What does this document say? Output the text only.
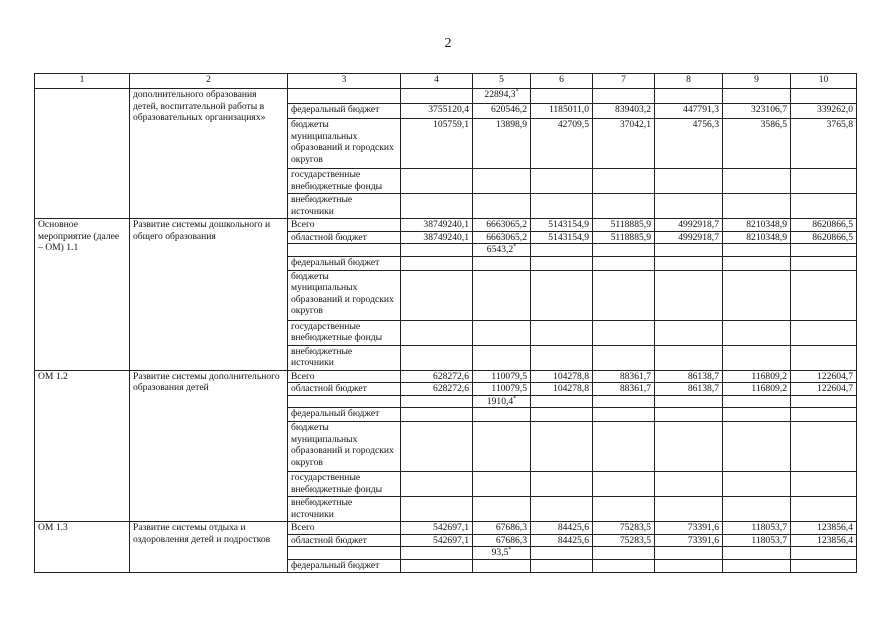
2
1	2	3	4	5	6	7	8	9	10
	дополнительного образования детей, воспитательной работы в образовательных организациях»			22894,3*					
		федеральный бюджет	3755120,4	620546,2	1185011,0	839403,2	447791,3	323106,7	339262,0
		бюджеты муниципальных образований и городских округов	105759,1	13898,9	42709,5	37042,1	4756,3	3586,5	3765,8
		государственные внебюджетные фонды							
		внебюджетные источники							
Основное мероприятие (далее – ОМ) 1.1	Развитие системы дошкольного и общего образования	Всего	38749240,1	6663065,2	5143154,9	5118885,9	4992918,7	8210348,9	8620866,5
		областной бюджет	38749240,1	6663065,2	5143154,9	5118885,9	4992918,7	8210348,9	8620866,5
				6543,2*					
		федеральный бюджет							
		бюджеты муниципальных образований и городских округов							
		государственные внебюджетные фонды							
		внебюджетные источники							
ОМ 1.2	Развитие системы дополнительного образования детей	Всего	628272,6	110079,5	104278,8	88361,7	86138,7	116809,2	122604,7
		областной бюджет	628272,6	110079,5	104278,8	88361,7	86138,7	116809,2	122604,7
				1910,4*					
		федеральный бюджет							
		бюджеты муниципальных образований и городских округов							
		государственные внебюджетные фонды							
		внебюджетные источники							
ОМ 1.3	Развитие системы отдыха и оздоровления детей и подростков	Всего	542697,1	67686,3	84425,6	75283,5	73391,6	118053,7	123856,4
		областной бюджет	542697,1	67686,3	84425,6	75283,5	73391,6	118053,7	123856,4
				93,5*					
		федеральный бюджет							
